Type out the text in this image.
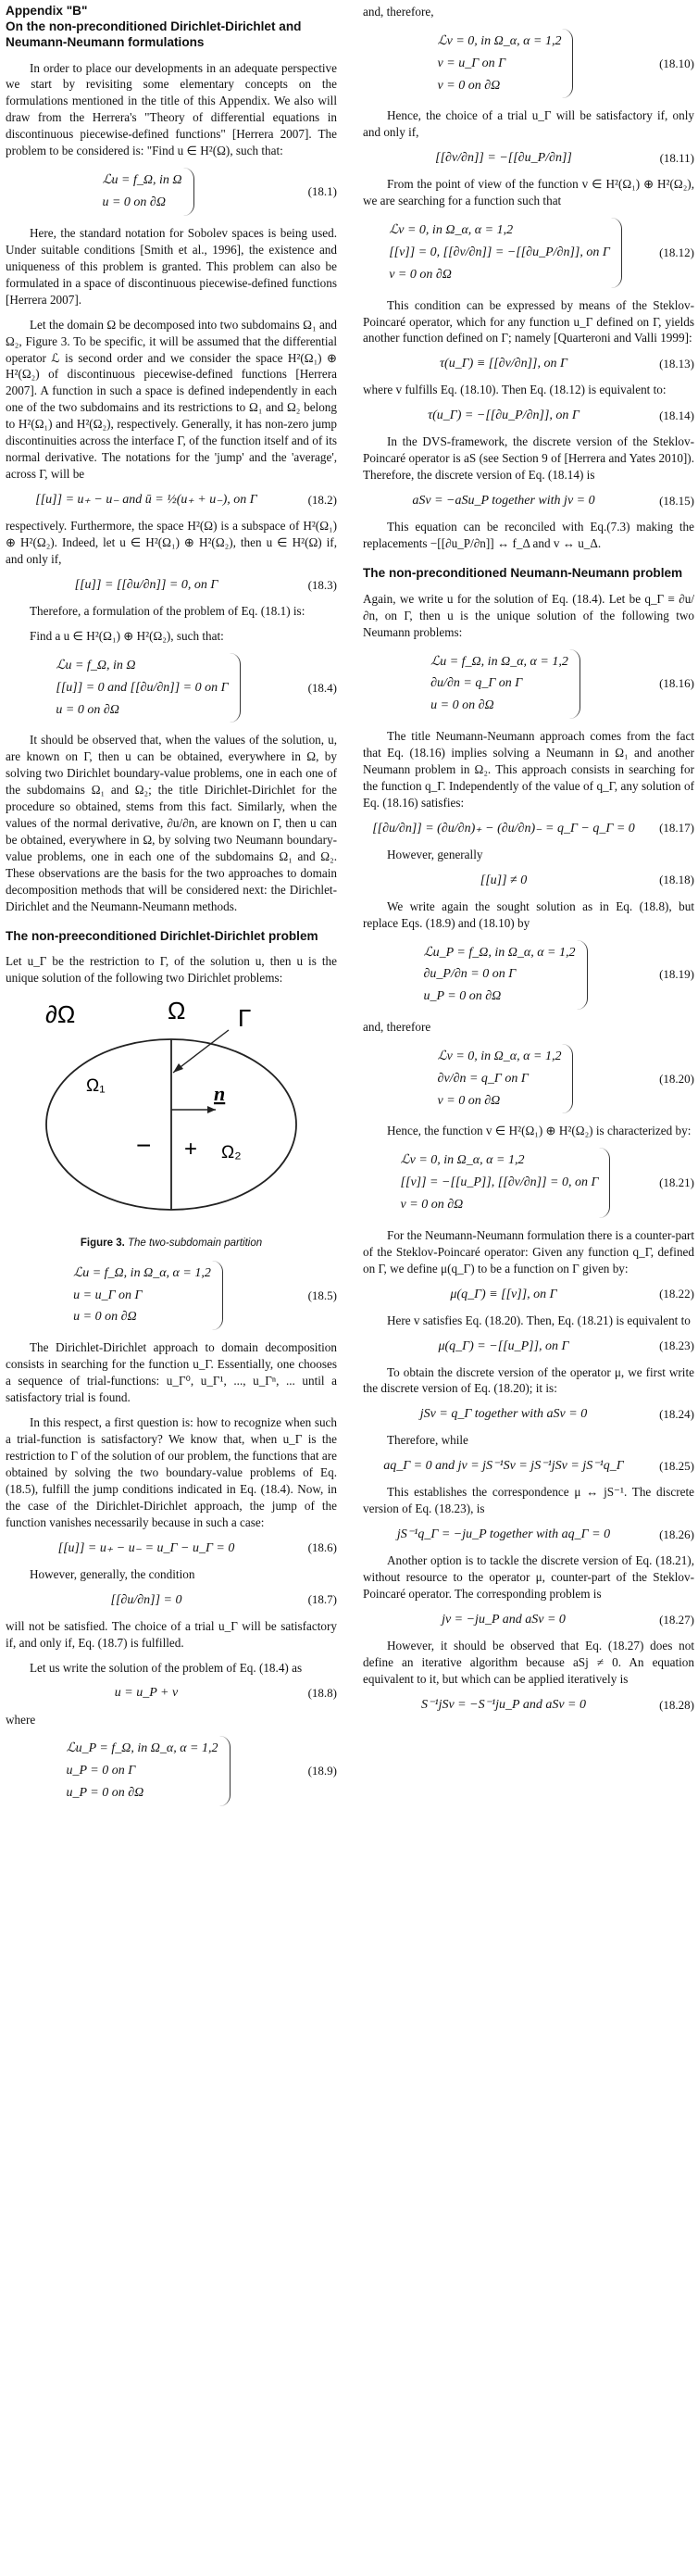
Appendix "B"
On the non-preconditioned Dirichlet-Dirichlet and Neumann-Neumann formulations

In order to place our developments in an adequate perspective we start by revisiting some elementary concepts on the formulations mentioned in the title of this Appendix. We also will draw from the Herrera's "Theory of differential equations in discontinuous piecewise-defined functions" [Herrera 2007]. The problem to be considered is: "Find u ∈ H²(Ω), such that:

ℒu = f_Ω, in Ω
u = 0 on ∂Ω
(18.1)

Here, the standard notation for Sobolev spaces is being used. Under suitable conditions [Smith et al., 1996], the existence and uniqueness of this problem is granted. This problem can also be formulated in a space of discontinuous piecewise-defined functions [Herrera 2007].

Let the domain Ω be decomposed into two subdomains Ω₁ and Ω₂, Figure 3. To be specific, it will be assumed that the differential operator ℒ is second order and we consider the space H²(Ω₁) ⊕ H²(Ω₂) of discontinuous piecewise-defined functions [Herrera 2007]. A function in such a space is defined independently in each one of the two subdomains and its restrictions to Ω₁ and Ω₂ belong to H²(Ω₁) and H²(Ω₂), respectively. Generally, it has non-zero jump discontinuities across the interface Γ, of the function itself and of its normal derivative. The notations for the 'jump' and the 'average', across Γ, will be

[[u]] = u₊ − u₋ and ū = ½(u₊ + u₋), on Γ	(18.2)

respectively. Furthermore, the space H²(Ω) is a subspace of H²(Ω₁) ⊕ H²(Ω₂). Indeed, let u ∈ H²(Ω₁) ⊕ H²(Ω₂), then u ∈ H²(Ω) if, and only if,

[[u]] = [[∂u/∂n]] = 0, on Γ	(18.3)

Therefore, a formulation of the problem of Eq. (18.1) is:

Find a u ∈ H²(Ω₁) ⊕ H²(Ω₂), such that:

ℒu = f_Ω, in Ω
[[u]] = 0 and [[∂u/∂n]] = 0 on Γ
u = 0 on ∂Ω
(18.4)

It should be observed that, when the values of the solution, u, are known on Γ, then u can be obtained, everywhere in Ω, by solving two Dirichlet boundary-value problems, one in each one of the subdomains Ω₁ and Ω₂; the title Dirichlet-Dirichlet for the procedure so obtained, stems from this fact. Similarly, when the values of the normal derivative, ∂u/∂n, are known on Γ, then u can be obtained, everywhere in Ω, by solving two Neumann boundary-value problems, one in each one of the subdomains Ω₁ and Ω₂. These observations are the basis for the two approaches to domain decomposition methods that will be considered next: the Dirichlet-Dirichlet and the Neumann-Neumann methods.

The non-preeconditioned Dirichlet-Dirichlet problem

Let u_Γ be the restriction to Γ, of the solution u, then u is the unique solution of the following two Dirichlet problems:

∂Ω	Ω Γ
Ω₁	n
− + Ω₂
Figure 3. The two-subdomain partition
ℒu = f_Ω, in Ω_α, α = 1,2
u = u_Γ on Γ
u = 0 on ∂Ω
(18.5)

The Dirichlet-Dirichlet approach to domain decomposition consists in searching for the function u_Γ. Essentially, one chooses a sequence of trial-functions: u_Γ⁰, u_Γ¹, ..., u_Γⁿ, ... until a satisfactory trial is found.

In this respect, a first question is: how to recognize when such a trial-function is satisfactory? We know that, when u_Γ is the restriction to Γ of the solution of our problem, the functions that are obtained by solving the two boundary-value problems of Eq. (18.5), fulfill the jump conditions indicated in Eq. (18.4). Now, in the case of the Dirichlet-Dirichlet approach, the jump of the function vanishes necessarily because in such a case:

[[u]] = u₊ − u₋ = u_Γ − u_Γ = 0	(18.6)

However, generally, the condition

[[∂u/∂n]] = 0	(18.7)

will not be satisfied. The choice of a trial u_Γ will be satisfactory if, and only if, Eq. (18.7) is fulfilled.

Let us write the solution of the problem of Eq. (18.4) as

u = u_P + v	(18.8)

where

ℒu_P = f_Ω, in Ω_α, α = 1,2
u_P = 0 on Γ
u_P = 0 on ∂Ω
(18.9)

and, therefore,

ℒv = 0, in Ω_α, α = 1,2
v = u_Γ on Γ
v = 0 on ∂Ω
(18.10)

Hence, the choice of a trial u_Γ will be satisfactory if, only and only if,

[[∂v/∂n]] = −[[∂u_P/∂n]]	(18.11)

From the point of view of the function v ∈ H²(Ω₁) ⊕ H²(Ω₂), we are searching for a function such that

ℒv = 0, in Ω_α, α = 1,2
[[v]] = 0, [[∂v/∂n]] = −[[∂u_P/∂n]], on Γ
v = 0 on ∂Ω
(18.12)

This condition can be expressed by means of the Steklov-Poincaré operator, which for any function u_Γ defined on Γ, yields another function defined on Γ; namely [Quarteroni and Valli 1999]:

τ(u_Γ) ≡ [[∂v/∂n]], on Γ	(18.13)

where v fulfills Eq. (18.10). Then Eq. (18.12) is equivalent to:

τ(u_Γ) = −[[∂u_P/∂n]], on Γ	(18.14)

In the DVS-framework, the discrete version of the Steklov-Poincaré operator is aS (see Section 9 of [Herrera and Yates 2010]). Therefore, the discrete version of Eq. (18.14) is

aSv = −aSu_P together with jv = 0	(18.15)

This equation can be reconciled with Eq.(7.3) making the replacements −[[∂u_P/∂n]] ↔ f_Δ and v ↔ u_Δ.

The non-preconditioned Neumann-Neumann problem

Again, we write u for the solution of Eq. (18.4). Let be q_Γ ≡ ∂u/∂n, on Γ, then u is the unique solution of the following two Neumann problems:

ℒu = f_Ω, in Ω_α, α = 1,2
∂u/∂n = q_Γ on Γ
u = 0 on ∂Ω
(18.16)

The title Neumann-Neumann approach comes from the fact that Eq. (18.16) implies solving a Neumann in Ω₁ and another Neumann problem in Ω₂. This approach consists in searching for the function q_Γ. Independently of the value of q_Γ, any solution of Eq. (18.16) satisfies:

[[∂u/∂n]] = (∂u/∂n)₊ − (∂u/∂n)₋ = q_Γ − q_Γ = 0	(18.17)

However, generally

[[u]] ≠ 0	(18.18)

We write again the sought solution as in Eq. (18.8), but replace Eqs. (18.9) and (18.10) by

ℒu_P = f_Ω, in Ω_α, α = 1,2
∂u_P/∂n = 0 on Γ
u_P = 0 on ∂Ω
(18.19)

and, therefore

ℒv = 0, in Ω_α, α = 1,2
∂v/∂n = q_Γ on Γ
v = 0 on ∂Ω
(18.20)

Hence, the function v ∈ H²(Ω₁) ⊕ H²(Ω₂) is characterized by:

ℒv = 0, in Ω_α, α = 1,2
[[v]] = −[[u_P]], [[∂v/∂n]] = 0, on Γ
v = 0 on ∂Ω
(18.21)

For the Neumann-Neumann formulation there is a counter-part of the Steklov-Poincaré operator: Given any function q_Γ, defined on Γ, we define μ(q_Γ) to be a function on Γ given by:

μ(q_Γ) ≡ [[v]], on Γ	(18.22)

Here v satisfies Eq. (18.20). Then, Eq. (18.21) is equivalent to

μ(q_Γ) = −[[u_P]], on Γ	(18.23)

To obtain the discrete version of the operator μ, we first write the discrete version of Eq. (18.20); it is:

jSv = q_Γ together with aSv = 0	(18.24)

Therefore, while

aq_Γ = 0 and jv = jS⁻¹Sv = jS⁻¹jSv = jS⁻¹q_Γ	(18.25)

This establishes the correspondence μ ↔ jS⁻¹. The discrete version of Eq. (18.23), is

jS⁻¹q_Γ = −ju_P together with aq_Γ = 0	(18.26)

Another option is to tackle the discrete version of Eq. (18.21), without resource to the operator μ, counter-part of the Steklov-Poincaré operator. The corresponding problem is

jv = −ju_P and aSv = 0	(18.27)

However, it should be observed that Eq. (18.27) does not define an iterative algorithm because aSj ≠ 0. An equation equivalent to it, but which can be applied iteratively is

S⁻¹jSv = −S⁻¹ju_P and aSv = 0	(18.28)
